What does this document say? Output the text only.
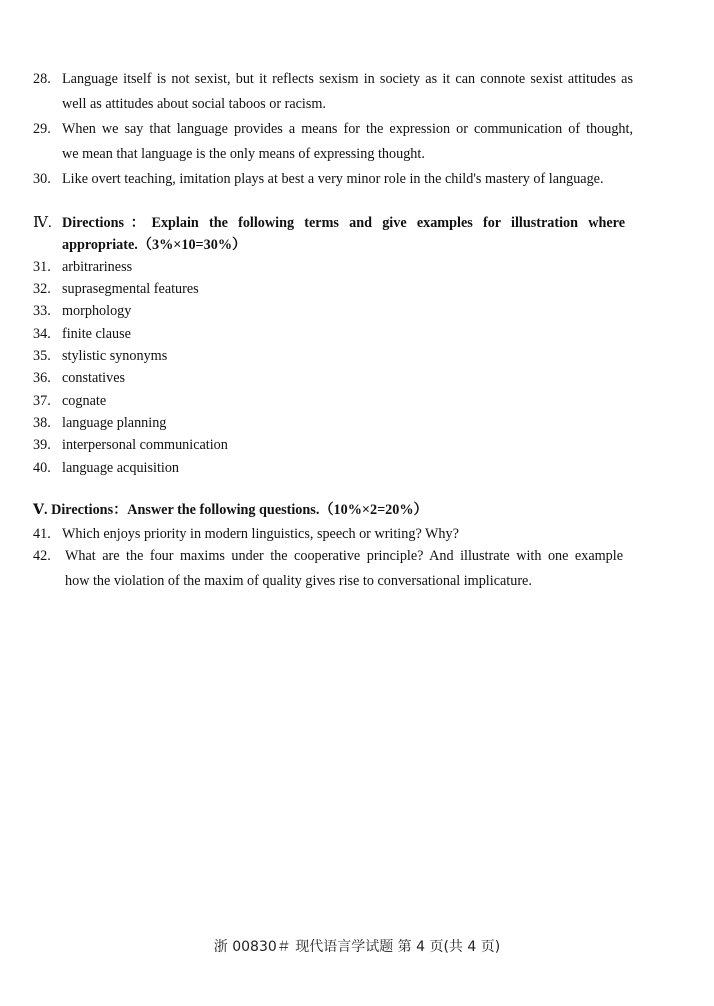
28. Language itself is not sexist, but it reflects sexism in society as it can connote sexist attitudes as
well as attitudes about social taboos or racism.
29. When we say that language provides a means for the expression or communication of thought,
we mean that language is the only means of expressing thought.
30. Like overt teaching, imitation plays at best a very minor role in the child's mastery of language.
Ⅳ. Directions：Explain the following terms and give examples for illustration where
appropriate.（3%×10=30%）
31. arbitrariness
32. suprasegmental features
33. morphology
34. finite clause
35. stylistic synonyms
36. constatives
37. cognate
38. language planning
39. interpersonal communication
40. language acquisition
Ⅴ. Directions：Answer the following questions.（10%×2=20%）
41. Which enjoys priority in modern linguistics, speech or writing? Why?
42.	What are the four maxims under the cooperative principle? And illustrate with one example
how the violation of the maxim of quality gives rise to conversational implicature.
浙 00830＃ 现代语言学试题 第 4 页(共 4 页)
